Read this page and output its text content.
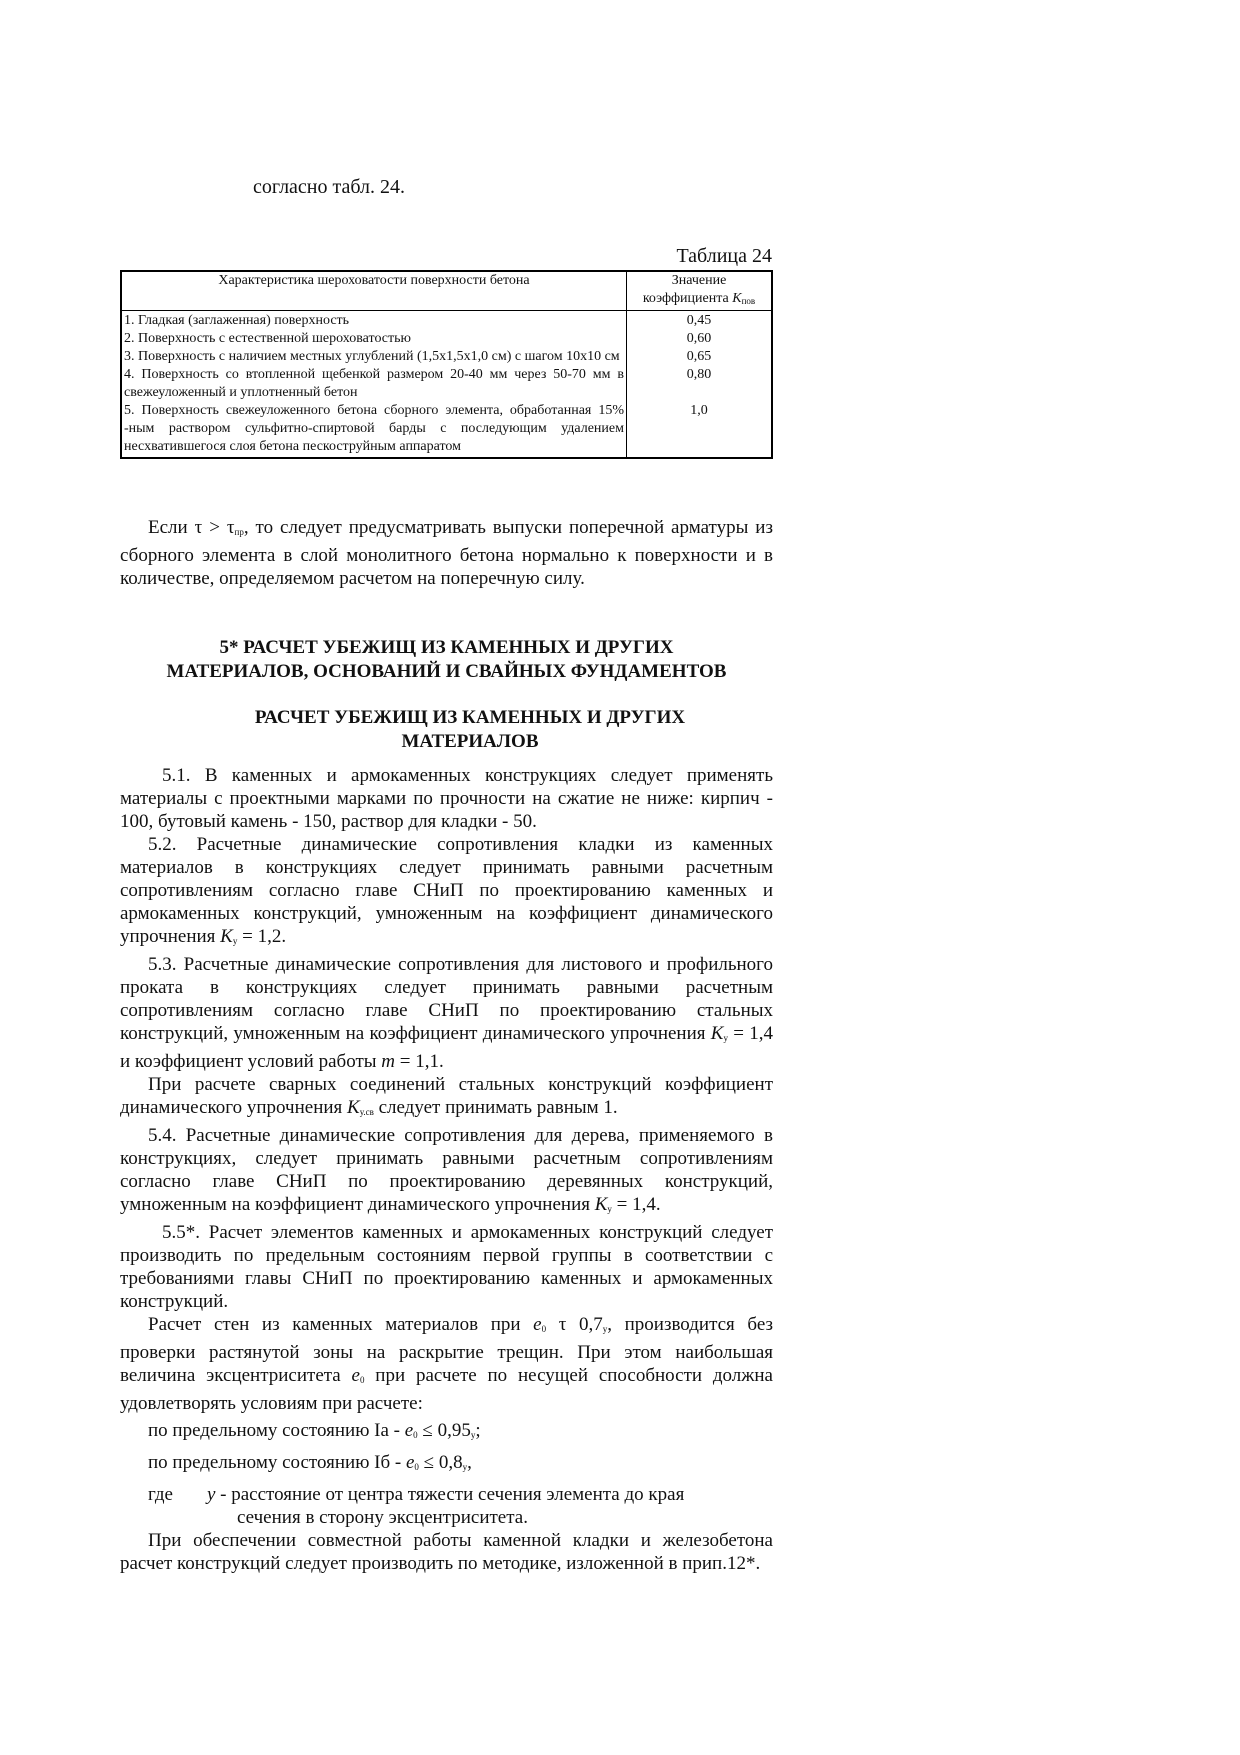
согласно табл. 24.
Таблица 24
Характеристика шероховатости поверхности бетона	Значение
коэффициента $K_{пов}$
1. Гладкая (заглаженная) поверхность	0,45
2. Поверхность с естественной шероховатостью	0,60
3. Поверхность с наличием местных углублений (1,5х1,5х1,0 см) с шагом 10х10 см	0,65
4. Поверхность со втопленной щебенкой размером 20-40 мм через 50-70 мм в свежеуложенный и уплотненный бетон	0,80
5. Поверхность свежеуложенного бетона сборного элемента, обработанная 15% -ным раствором сульфитно-спиртовой барды с последующим удалением несхватившегося слоя бетона пескоструйным аппаратом	1,0

Если $\tau > \tau_{пр}$, то следует предусматривать выпуски поперечной арматуры из сборного элемента в слой монолитного бетона нормально к поверхности и в количестве, определяемом расчетом на поперечную силу.

5* РАСЧЕТ УБЕЖИЩ ИЗ КАМЕННЫХ И ДРУГИХ
МАТЕРИАЛОВ, ОСНОВАНИЙ И СВАЙНЫХ ФУНДАМЕНТОВ
РАСЧЕТ УБЕЖИЩ ИЗ КАМЕННЫХ И ДРУГИХ
МАТЕРИАЛОВ

5.1. В каменных и армокаменных конструкциях следует применять материалы с проектными марками по прочности на сжатие не ниже: кирпич - 100, бутовый камень - 150, раствор для кладки - 50.

5.2. Расчетные динамические сопротивления кладки из каменных материалов в конструкциях следует принимать равными расчетным сопротивлениям согласно главе СНиП по проектированию каменных и армокаменных конструкций, умноженным на коэффициент динамического упрочнения $K_у = 1,2$.

5.3. Расчетные динамические сопротивления для листового и профильного проката в конструкциях следует принимать равными расчетным сопротивлениям согласно главе СНиП по проектированию стальных конструкций, умноженным на коэффициент динамического упрочнения $K_у = 1,4$ и коэффициент условий работы m = 1,1.

При расчете сварных соединений стальных конструкций коэффициент динамического упрочнения $K_{у.св}$ следует принимать равным 1.

5.4. Расчетные динамические сопротивления для дерева, применяемого в конструкциях, следует принимать равными расчетным сопротивлениям согласно главе СНиП по проектированию деревянных конструкций, умноженным на коэффициент динамического упрочнения $K_у = 1,4$.

5.5*. Расчет элементов каменных и армокаменных конструкций следует производить по предельным состояниям первой группы в соответствии с требованиями главы СНиП по проектированию каменных и армокаменных конструкций.

Расчет стен из каменных материалов при $e_0$ τ $0,7_y$, производится без проверки растянутой зоны на раскрытие трещин. При этом наибольшая величина эксцентриситета $e_0$ при расчете по несущей способности должна удовлетворять условиям при расчете:

по предельному состоянию Iа - $e_0 \le 0,95_y$;

по предельному состоянию Iб - $e_0 \le 0,8_y$,

где у - расстояние от центра тяжести сечения элемента до края

сечения в сторону эксцентриситета.

При обеспечении совместной работы каменной кладки и железобетона расчет конструкций следует производить по методике, изложенной в прип.12*.
